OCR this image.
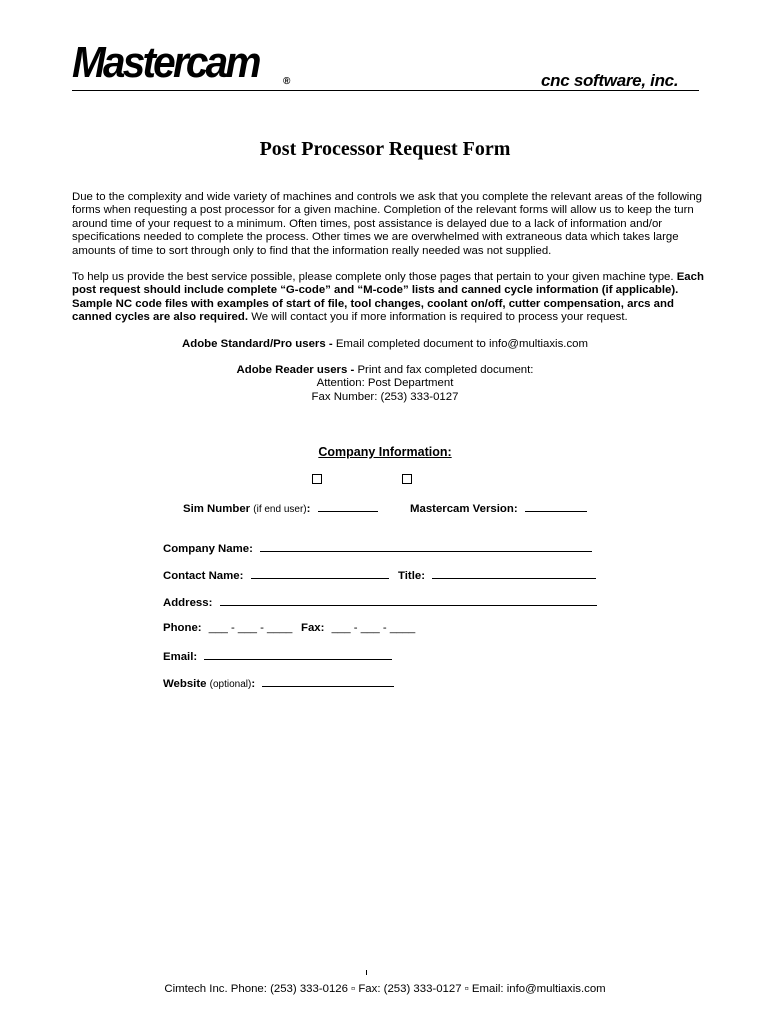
Mastercam ®	cnc software, inc.
Post Processor Request Form
Due to the complexity and wide variety of machines and controls we ask that you complete the relevant areas of the following forms when requesting a post processor for a given machine. Completion of the relevant forms will allow us to keep the turn around time of your request to a minimum. Often times, post assistance is delayed due to a lack of information and/or specifications needed to complete the process. Other times we are overwhelmed with extraneous data which takes large amounts of time to sort through only to find that the information really needed was not supplied.
To help us provide the best service possible, please complete only those pages that pertain to your given machine type. Each post request should include complete “G-code” and “M-code” lists and canned cycle information (if applicable). Sample NC code files with examples of start of file, tool changes, coolant on/off, cutter compensation, arcs and canned cycles are also required. We will contact you if more information is required to process your request.
Adobe Standard/Pro users - Email completed document to info@multiaxis.com
Adobe Reader users - Print and fax completed document:
Attention: Post Department
Fax Number: (253) 333-0127
Company Information:
Sim Number (if end user):	Mastercam Version:
Company Name:
Contact Name:	Title:
Address:
Phone: ___ - ___ - ____ Fax: ___ - ___ - ____
Email:
Website (optional):
Cimtech Inc. Phone: (253) 333-0126 ▫ Fax: (253) 333-0127 ▫ Email: info@multiaxis.com
